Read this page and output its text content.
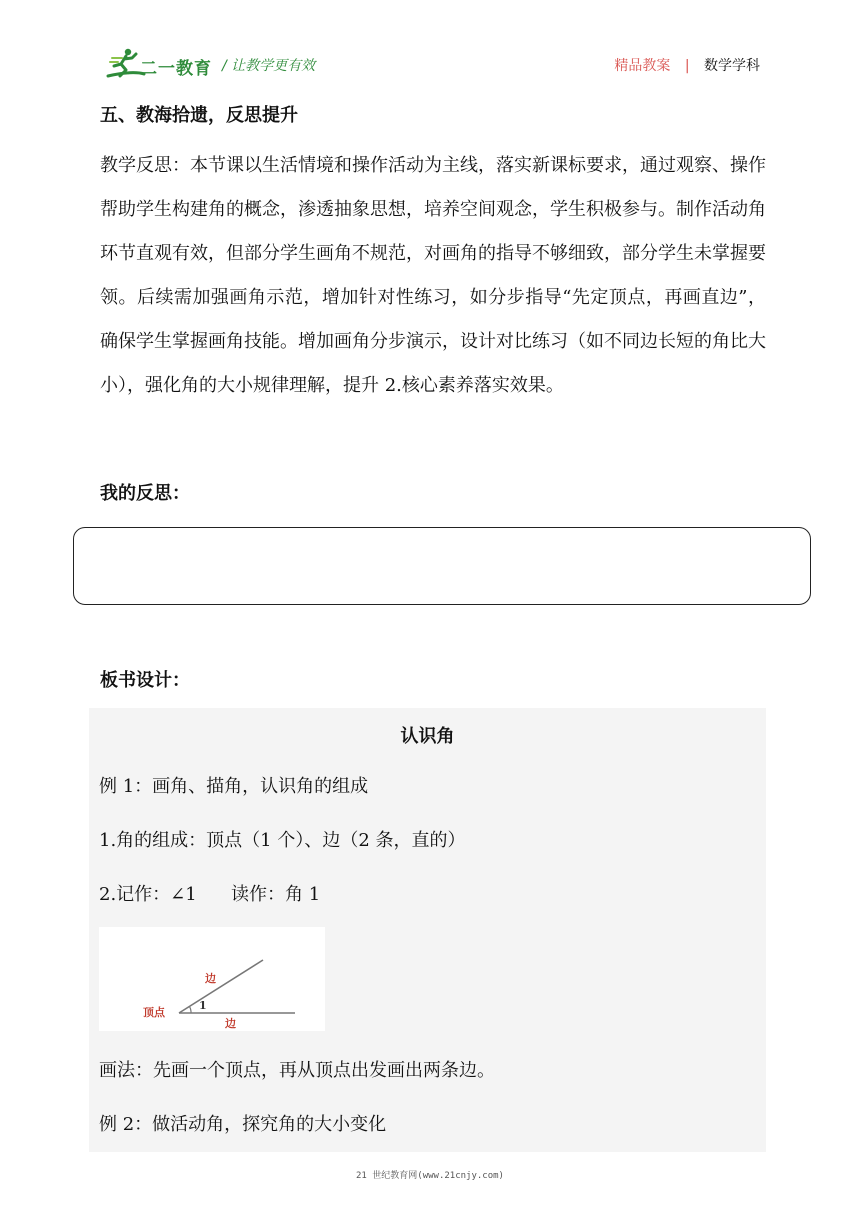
二一教育 / 让教学更有效	精品教案 | 数学学科
五、教海拾遗，反思提升

教学反思：本节课以生活情境和操作活动为主线，落实新课标要求，通过观察、操作帮助学生构建角的概念，渗透抽象思想，培养空间观念，学生积极参与。制作活动角环节直观有效，但部分学生画角不规范，对画角的指导不够细致，部分学生未掌握要领。后续需加强画角示范，增加针对性练习，如分步指导“先定顶点，再画直边”，确保学生掌握画角技能。增加画角分步演示，设计对比练习（如不同边长短的角比大小），强化角的大小规律理解，提升 2.核心素养落实效果。

我的反思：
板书设计：
认识角
例 1：画角、描角，认识角的组成
1.角的组成：顶点（1 个）、边（2 条，直的）
2.记作：∠1      读作：角 1
顶点
边
边
1
画法：先画一个顶点，再从顶点出发画出两条边。
例 2：做活动角，探究角的大小变化
21 世纪教育网(www.21cnjy.com)
